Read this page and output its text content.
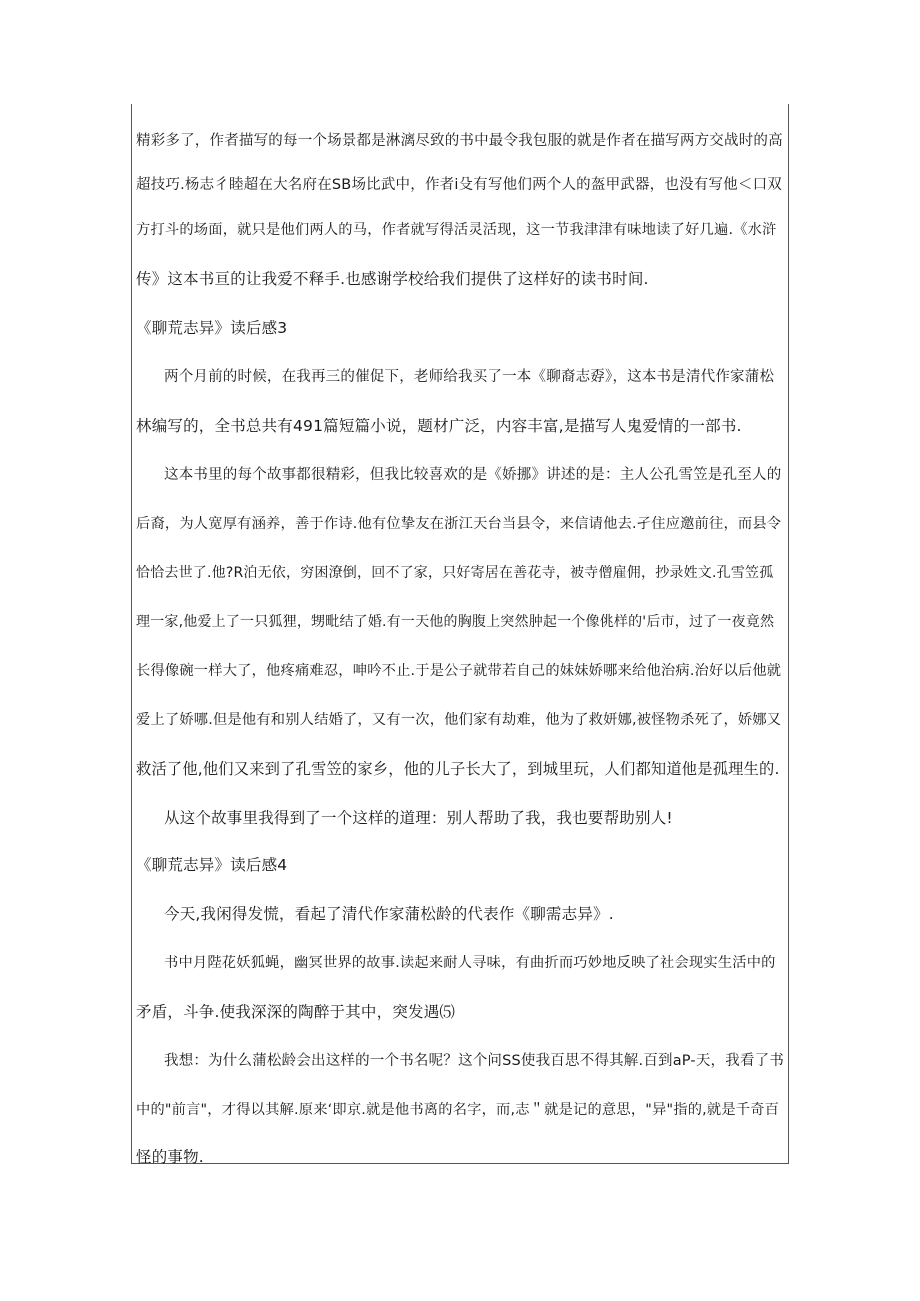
精彩多了，作者描写的每一个场景都是淋漓尽致的书中最令我包服的就是作者在描写两方交战时的高
超技巧.杨志彳睦超在大名府在SB场比武中，作者i殳有写他们两个人的盔甲武器，也没有写他＜口双
方打斗的场面，就只是他们两人的马，作者就写得活灵活现，这一节我津津有味地读了好几遍.《水浒
传》这本书亘的让我爱不释手.也感谢学校给我们提供了这样好的读书时间.
《聊荒志异》读后感3
两个月前的时候，在我再三的催促下，老师给我买了一本《聊裔志孬》，这本书是清代作家蒲松
林编写的，全书总共有491篇短篇小说，题材广泛，内容丰富,是描写人鬼爱情的一部书.
这本书里的每个故事都很精彩，但我比较喜欢的是《娇挪》讲述的是：主人公孔雪笠是孔至人的
后裔，为人宽厚有涵养，善于作诗.他有位挚友在浙江天台当县令，来信请他去.孑住应邀前往，而县令
恰恰去世了.他?R泊无依，穷困潦倒，回不了家，只好寄居在善花寺，被寺僧雇佣，抄录姓文.孔雪笠孤
理一家,他爱上了一只狐狸，甥毗结了婚.有一天他的胸腹上突然肿起一个像佻样的'后市，过了一夜竟然
长得像碗一样大了，他疼痛难忍，呻吟不止.于是公子就带若自己的妹妹娇哪来给他治病.治好以后他就
爱上了娇哪.但是他有和别人结婚了，又有一次，他们家有劫难，他为了救妍娜,被怪物杀死了，娇娜又
救活了他,他们又来到了孔雪笠的家乡，他的儿子长大了，到城里玩，人们都知道他是孤理生的.
从这个故事里我得到了一个这样的道理：别人帮助了我，我也要帮助别人!
《聊荒志异》读后感4
今天,我闲得发慌，看起了清代作家蒲松龄的代表作《聊需志异》.
书中月陛花妖狐蝇，幽冥世界的故事.读起来耐人寻味，有曲折而巧妙地反映了社会现实生活中的
矛盾，斗争.使我深深的陶醉于其中，突发遇⑸
我想：为什么蒲松龄会出这样的一个书名呢？这个问SS使我百思不得其解.百到aP-天，我看了书
中的"前言"，才得以其解.原来‘即京.就是他书离的名字，而,志＂就是记的意思，"异"指的,就是千奇百
怪的事物.
